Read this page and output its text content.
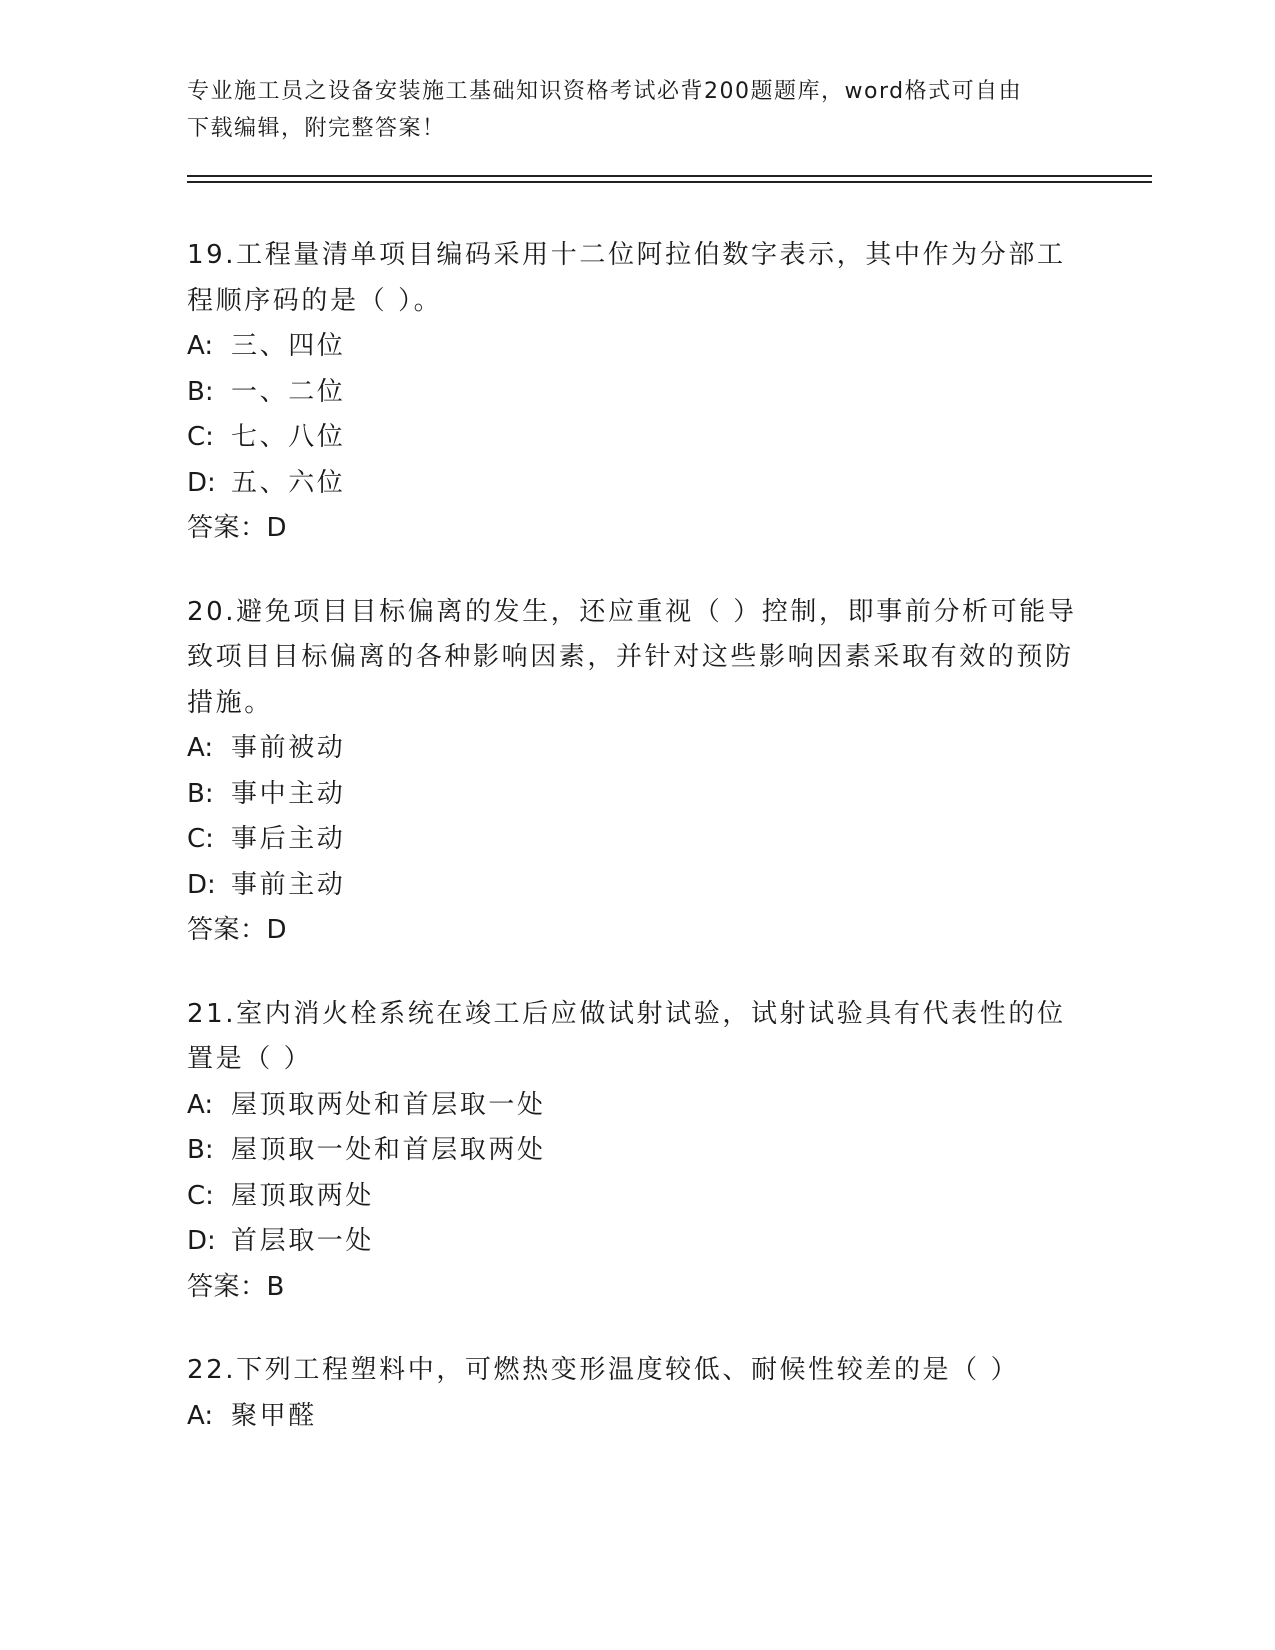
专业施工员之设备安装施工基础知识资格考试必背200题题库，word格式可自由
下载编辑，附完整答案！

19.工程量清单项目编码采用十二位阿拉伯数字表示，其中作为分部工程顺序码的是（ ）。

A: 三、四位

B: 一、二位

C: 七、八位

D: 五、六位

答案：D

20.避免项目目标偏离的发生，还应重视（ ）控制，即事前分析可能导致项目目标偏离的各种影响因素，并针对这些影响因素采取有效的预防措施。

A: 事前被动

B: 事中主动

C: 事后主动

D: 事前主动

答案：D

21.室内消火栓系统在竣工后应做试射试验，试射试验具有代表性的位置是（ ）

A: 屋顶取两处和首层取一处

B: 屋顶取一处和首层取两处

C: 屋顶取两处

D: 首层取一处

答案：B

22.下列工程塑料中，可燃热变形温度较低、耐候性较差的是（ ）

A: 聚甲醛
